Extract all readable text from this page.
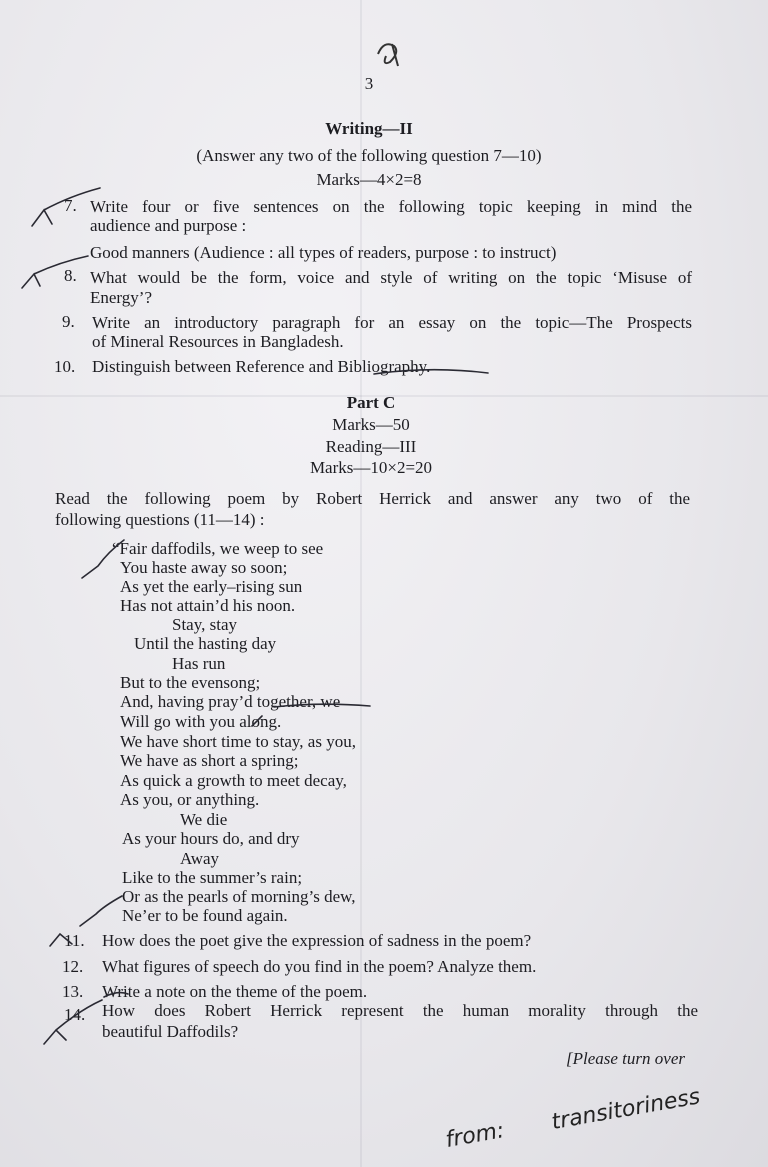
3
Writing—II
(Answer any two of the following question 7—10)
Marks—4×2=8
7. Write four or five sentences on the following topic keeping in mind the
audience and purpose :
Good manners (Audience : all types of readers, purpose : to instruct)
8. What would be the form, voice and style of writing on the topic ‘Misuse of
Energy’?
9. Write an introductory paragraph for an essay on the topic—The Prospects
of Mineral Resources in Bangladesh.
10. Distinguish between Reference and Bibliography.
Part C
Marks—50
Reading—III
Marks—10×2=20
Read the following poem by Robert Herrick and answer any two of the
following questions (11—14) :
“Fair daffodils, we weep to see
You haste away so soon;
As yet the early–rising sun
Has not attain’d his noon.
Stay, stay
Until the hasting day
Has run
But to the evensong;
And, having pray’d together, we
Will go with you along.
We have short time to stay, as you,
We have as short a spring;
As quick a growth to meet decay,
As you, or anything.
We die
As your hours do, and dry
Away
Like to the summer’s rain;
Or as the pearls of morning’s dew,
Ne’er to be found again.
11. How does the poet give the expression of sadness in the poem?
12. What figures of speech do you find in the poem? Analyze them.
13. Write a note on the theme of the poem.
14. How does Robert Herrick represent the human morality through the
beautiful Daffodils?
[Please turn over
from:
transitoriness
